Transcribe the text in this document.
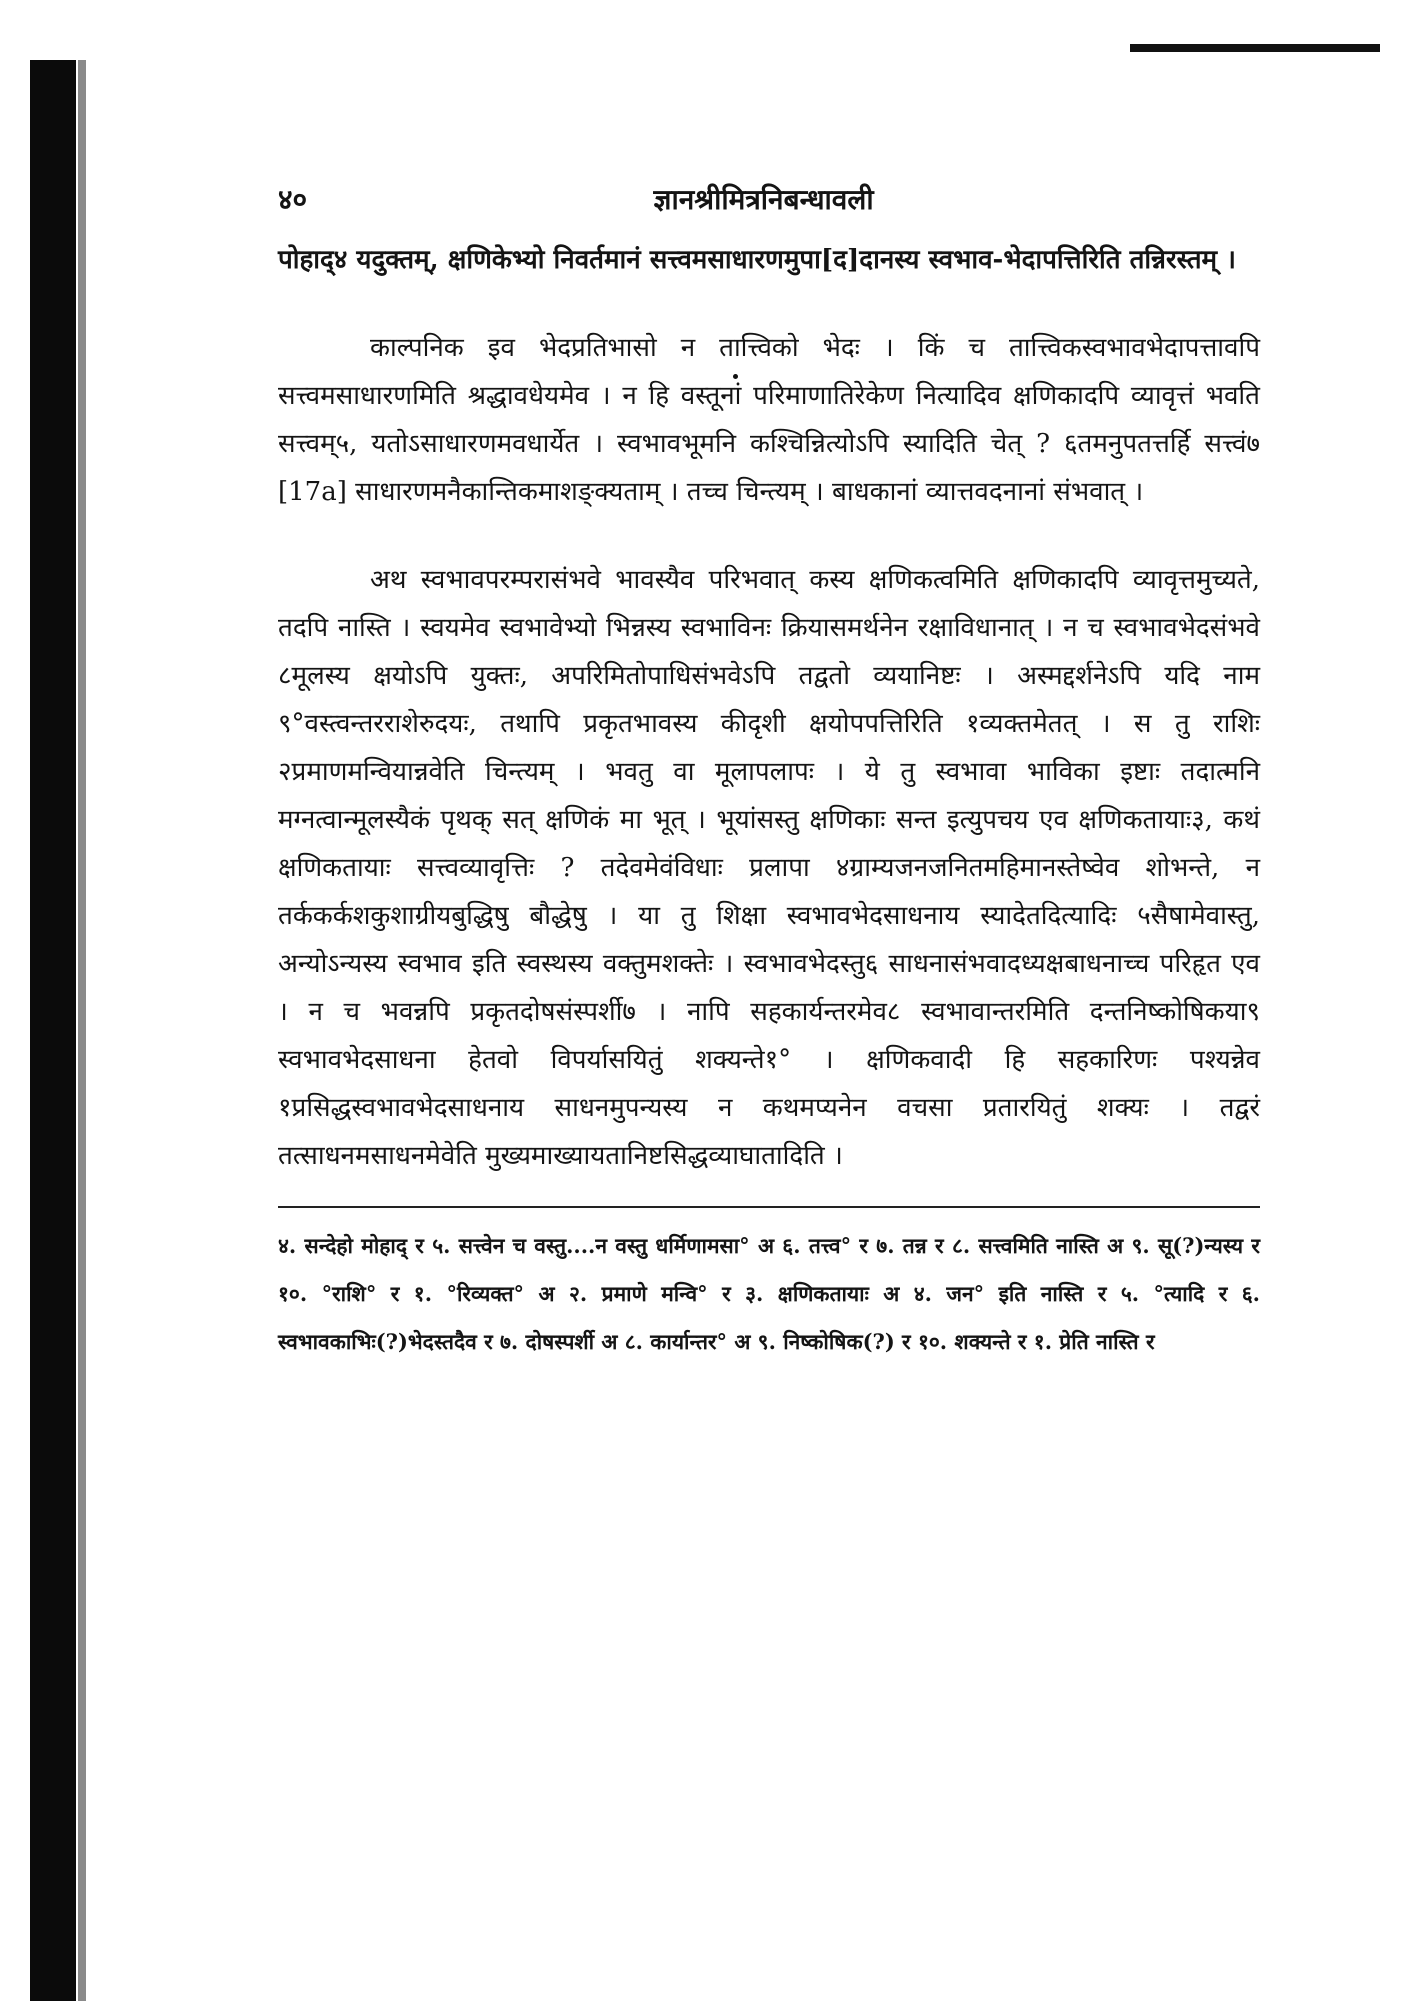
४०	ज्ञानश्रीमित्रनिबन्धावली

पोहाद्४ यदुक्तम्, क्षणिकेभ्यो निवर्तमानं सत्त्वमसाधारणमुपा[द]दानस्य स्वभाव-भेदापत्तिरिति तन्निरस्तम् ।

काल्पनिक इव भेदप्रतिभासो न तात्त्विको भेदः । किं च तात्त्विकस्वभावभेदापत्तावपि सत्त्वमसाधारणमिति श्रद्धावधेयमेव । न हि वस्तूनां परिमाणातिरेकेण नित्यादिव क्षणिकादपि व्यावृत्तं भवति सत्त्वम्५, यतोऽसाधारणमवधार्येत । स्वभावभूमनि कश्चिन्नित्योऽपि स्यादिति चेत् ? ६तमनुपतत्तर्हि सत्त्वं७ [17a] साधारणमनैकान्तिकमाशङ्क्यताम् । तच्च चिन्त्यम् । बाधकानां व्यात्तवदनानां संभवात् ।

अथ स्वभावपरम्परासंभवे भावस्यैव परिभवात् कस्य क्षणिकत्वमिति क्षणिकादपि व्यावृत्तमुच्यते, तदपि नास्ति । स्वयमेव स्वभावेभ्यो भिन्नस्य स्वभाविनः क्रियासमर्थनेन रक्षाविधानात् । न च स्वभावभेदसंभवे ८मूलस्य क्षयोऽपि युक्तः, अपरिमितोपाधिसंभवेऽपि तद्वतो व्ययानिष्टः । अस्मद्दर्शनेऽपि यदि नाम ९°वस्त्वन्तरराशेरुदयः, तथापि प्रकृतभावस्य कीदृशी क्षयोपपत्तिरिति १व्यक्तमेतत् । स तु राशिः २प्रमाणमन्वियान्नवेति चिन्त्यम् । भवतु वा मूलापलापः । ये तु स्वभावा भाविका इष्टाः तदात्मनि मग्नत्वान्मूलस्यैकं पृथक् सत् क्षणिकं मा भूत् । भूयांसस्तु क्षणिकाः सन्त इत्युपचय एव क्षणिकतायाः३, कथं क्षणिकतायाः सत्त्वव्यावृत्तिः ? तदेवमेवंविधाः प्रलापा ४ग्राम्यजनजनितमहिमानस्तेष्वेव शोभन्ते, न तर्ककर्कशकुशाग्रीयबुद्धिषु बौद्धेषु । या तु शिक्षा स्वभावभेदसाधनाय स्यादेतदित्यादिः ५सैषामेवास्तु, अन्योऽन्यस्य स्वभाव इति स्वस्थस्य वक्तुमशक्तेः । स्वभावभेदस्तु६ साधनासंभवादध्यक्षबाधनाच्च परिहृत एव । न च भवन्नपि प्रकृतदोषसंस्पर्शी७ । नापि सहकार्यन्तरमेव८ स्वभावान्तरमिति दन्तनिष्कोषिकया९ स्वभावभेदसाधना हेतवो विपर्यासयितुं शक्यन्ते१° । क्षणिकवादी हि सहकारिणः पश्यन्नेव १प्रसिद्धस्वभावभेदसाधनाय साधनमुपन्यस्य न कथमप्यनेन वचसा प्रतारयितुं शक्यः । तद्वरं तत्साधनमसाधनमेवेति मुख्यमाख्यायतानिष्टसिद्धव्याघातादिति ।

४. सन्देहो मोहाद् र ५. सत्त्वेन च वस्तु....न वस्तु धर्मिणामसा° अ ६. तत्त्व° र ७. तन्न र ८. सत्त्वमिति नास्ति अ ९. सू(?)न्यस्य र १०. °राशि° र १. °रिव्यक्त° अ २. प्रमाणे मन्वि° र ३. क्षणिकतायाः अ ४. जन° इति नास्ति र ५. °त्यादि र ६. स्वभावकाभिः(?)भेदस्तदैव र ७. दोषस्पर्शी अ ८. कार्यान्तर° अ ९. निष्कोषिक(?) र १०. शक्यन्ते र १. प्रेति नास्ति र
